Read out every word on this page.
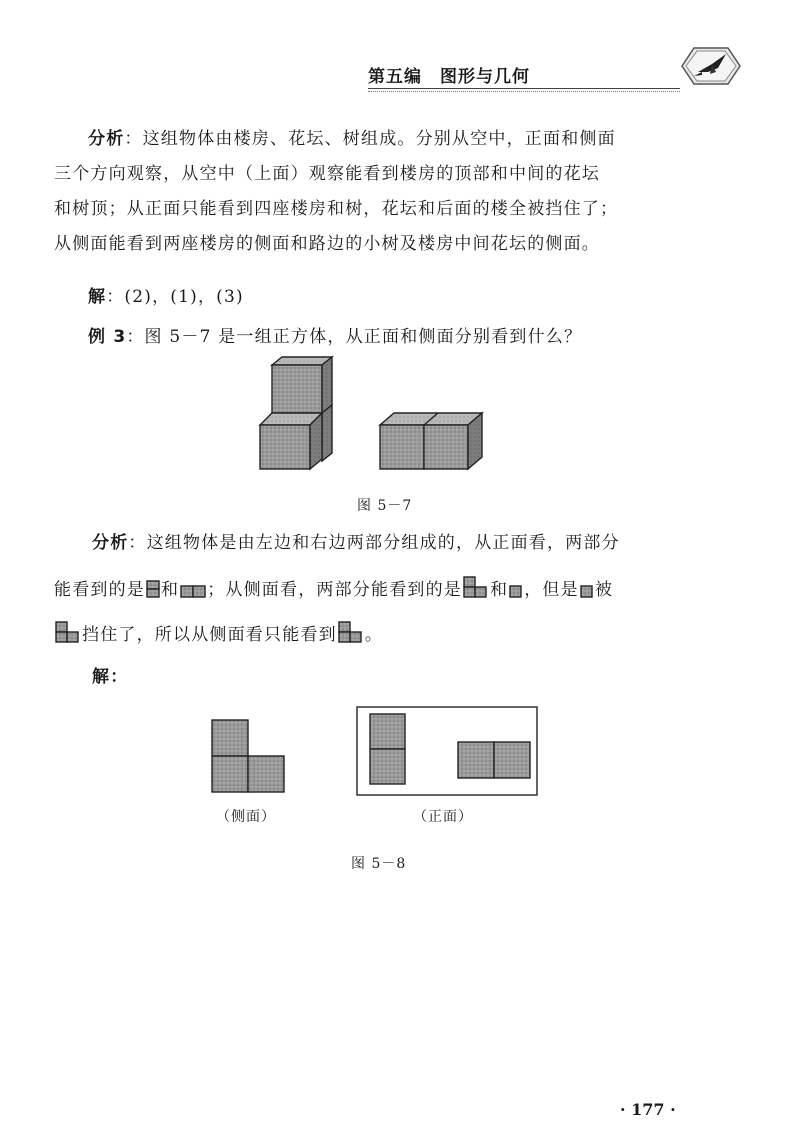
第五编　图形与几何
分析：这组物体由楼房、花坛、树组成。分别从空中，正面和侧面
三个方向观察，从空中（上面）观察能看到楼房的顶部和中间的花坛
和树顶；从正面只能看到四座楼房和树，花坛和后面的楼全被挡住了；
从侧面能看到两座楼房的侧面和路边的小树及楼房中间花坛的侧面。
解：(2)，(1)，(3)
例 3：图 5－7 是一组正方体，从正面和侧面分别看到什么？
图 5－7
分析：这组物体是由左边和右边两部分组成的，从正面看，两部分
能看到的是 和 ；从侧面看，两部分能看到的是 和 ，但是 被
挡住了，所以从侧面看只能看到 。
解：
（侧面）	（正面）
图 5－8
· 177 ·
